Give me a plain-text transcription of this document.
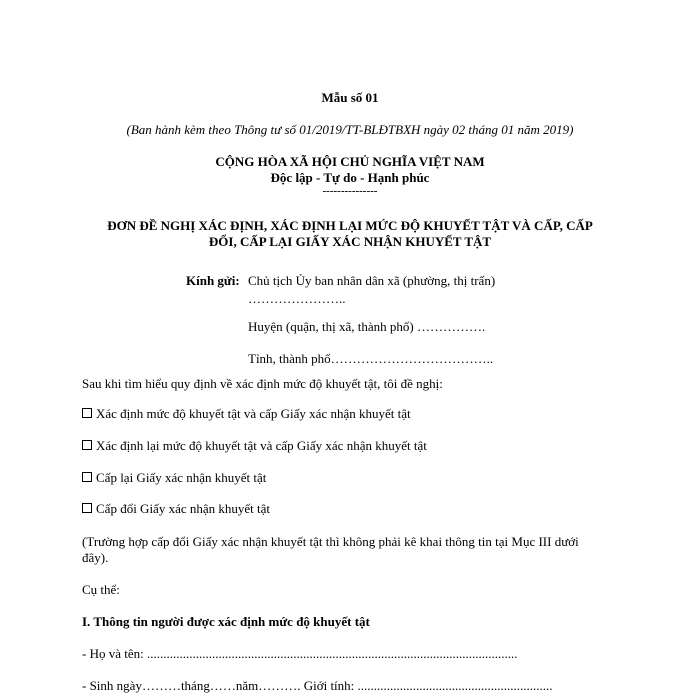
Mẫu số 01
(Ban hành kèm theo Thông tư số 01/2019/TT-BLĐTBXH ngày 02 tháng 01 năm 2019)
CỘNG HÒA XÃ HỘI CHỦ NGHĨA VIỆT NAM
Độc lập - Tự do - Hạnh phúc
---------------
ĐƠN ĐỀ NGHỊ XÁC ĐỊNH, XÁC ĐỊNH LẠI MỨC ĐỘ KHUYẾT TẬT VÀ CẤP, CẤP
ĐỔI, CẤP LẠI GIẤY XÁC NHẬN KHUYẾT TẬT
Kính gửi: Chủ tịch Ủy ban nhân dân xã (phường, thị trấn)
…………………..
Huyện (quận, thị xã, thành phố) …………….
Tỉnh, thành phố………………………………..
Sau khi tìm hiểu quy định về xác định mức độ khuyết tật, tôi đề nghị:
Xác định mức độ khuyết tật và cấp Giấy xác nhận khuyết tật
Xác định lại mức độ khuyết tật và cấp Giấy xác nhận khuyết tật
Cấp lại Giấy xác nhận khuyết tật
Cấp đổi Giấy xác nhận khuyết tật
(Trường hợp cấp đổi Giấy xác nhận khuyết tật thì không phải kê khai thông tin tại Mục III dưới
đây).
Cụ thể:
I. Thông tin người được xác định mức độ khuyết tật
- Họ và tên: ..................................................................................................................
- Sinh ngày………tháng……năm………. Giới tính: ............................................................
